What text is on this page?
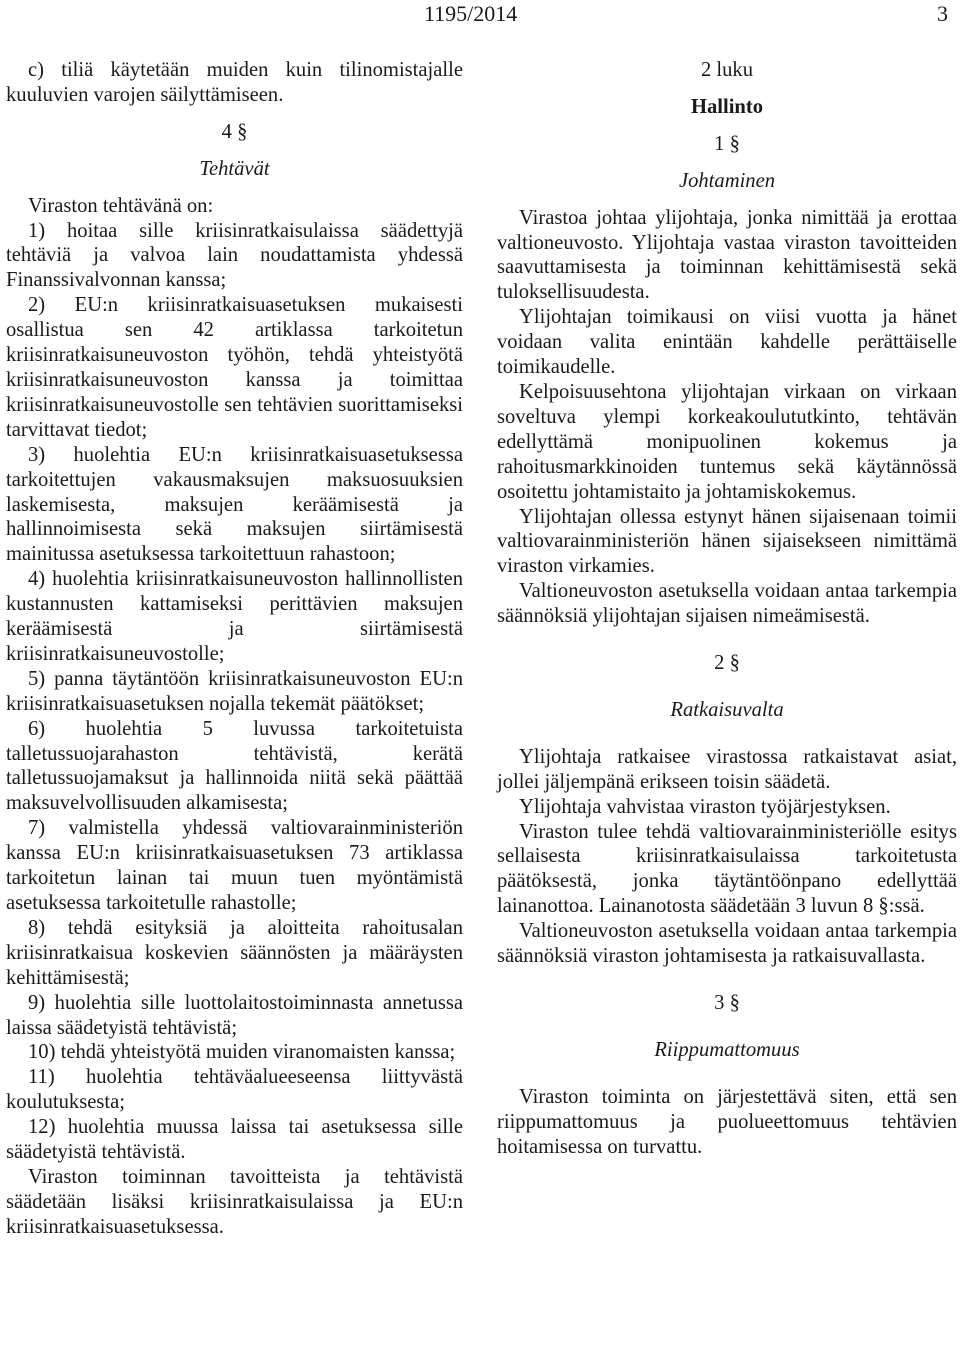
1195/2014	3

c) tiliä käytetään muiden kuin tilinomistajalle kuuluvien varojen säilyttämiseen.

4 §

Tehtävät

Viraston tehtävänä on:

1) hoitaa sille kriisinratkaisulaissa säädettyjä tehtäviä ja valvoa lain noudattamista yhdessä Finanssivalvonnan kanssa;

2) EU:n kriisinratkaisuasetuksen mukaisesti osallistua sen 42 artiklassa tarkoitetun kriisinratkaisuneuvoston työhön, tehdä yhteistyötä kriisinratkaisuneuvoston kanssa ja toimittaa kriisinratkaisuneuvostolle sen tehtävien suorittamiseksi tarvittavat tiedot;

3) huolehtia EU:n kriisinratkaisuasetuksessa tarkoitettujen vakausmaksujen maksuosuuksien laskemisesta, maksujen keräämisestä ja hallinnoimisesta sekä maksujen siirtämisestä mainitussa asetuksessa tarkoitettuun rahastoon;

4) huolehtia kriisinratkaisuneuvoston hallinnollisten kustannusten kattamiseksi perittävien maksujen keräämisestä ja siirtämisestä kriisinratkaisuneuvostolle;

5) panna täytäntöön kriisinratkaisuneuvoston EU:n kriisinratkaisuasetuksen nojalla tekemät päätökset;

6) huolehtia 5 luvussa tarkoitetuista talletussuojarahaston tehtävistä, kerätä talletussuojamaksut ja hallinnoida niitä sekä päättää maksuvelvollisuuden alkamisesta;

7) valmistella yhdessä valtiovarainministeriön kanssa EU:n kriisinratkaisuasetuksen 73 artiklassa tarkoitetun lainan tai muun tuen myöntämistä asetuksessa tarkoitetulle rahastolle;

8) tehdä esityksiä ja aloitteita rahoitusalan kriisinratkaisua koskevien säännösten ja määräysten kehittämisestä;

9) huolehtia sille luottolaitostoiminnasta annetussa laissa säädetyistä tehtävistä;

10) tehdä yhteistyötä muiden viranomaisten kanssa;

11) huolehtia tehtäväalueeseensa liittyvästä koulutuksesta;

12) huolehtia muussa laissa tai asetuksessa sille säädetyistä tehtävistä.

Viraston toiminnan tavoitteista ja tehtävistä säädetään lisäksi kriisinratkaisulaissa ja EU:n kriisinratkaisuasetuksessa.

2 luku

Hallinto

1 §

Johtaminen

Virastoa johtaa ylijohtaja, jonka nimittää ja erottaa valtioneuvosto. Ylijohtaja vastaa viraston tavoitteiden saavuttamisesta ja toiminnan kehittämisestä sekä tuloksellisuudesta.

Ylijohtajan toimikausi on viisi vuotta ja hänet voidaan valita enintään kahdelle perättäiselle toimikaudelle.

Kelpoisuusehtona ylijohtajan virkaan on virkaan soveltuva ylempi korkeakoulututkinto, tehtävän edellyttämä monipuolinen kokemus ja rahoitusmarkkinoiden tuntemus sekä käytännössä osoitettu johtamistaito ja johtamiskokemus.

Ylijohtajan ollessa estynyt hänen sijaisenaan toimii valtiovarainministeriön hänen sijaisekseen nimittämä viraston virkamies.

Valtioneuvoston asetuksella voidaan antaa tarkempia säännöksiä ylijohtajan sijaisen nimeämisestä.

2 §

Ratkaisuvalta

Ylijohtaja ratkaisee virastossa ratkaistavat asiat, jollei jäljempänä erikseen toisin säädetä.

Ylijohtaja vahvistaa viraston työjärjestyksen.

Viraston tulee tehdä valtiovarainministeriölle esitys sellaisesta kriisinratkaisulaissa tarkoitetusta päätöksestä, jonka täytäntöönpano edellyttää lainanottoa. Lainanotosta säädetään 3 luvun 8 §:ssä.

Valtioneuvoston asetuksella voidaan antaa tarkempia säännöksiä viraston johtamisesta ja ratkaisuvallasta.

3 §

Riippumattomuus

Viraston toiminta on järjestettävä siten, että sen riippumattomuus ja puolueettomuus tehtävien hoitamisessa on turvattu.
